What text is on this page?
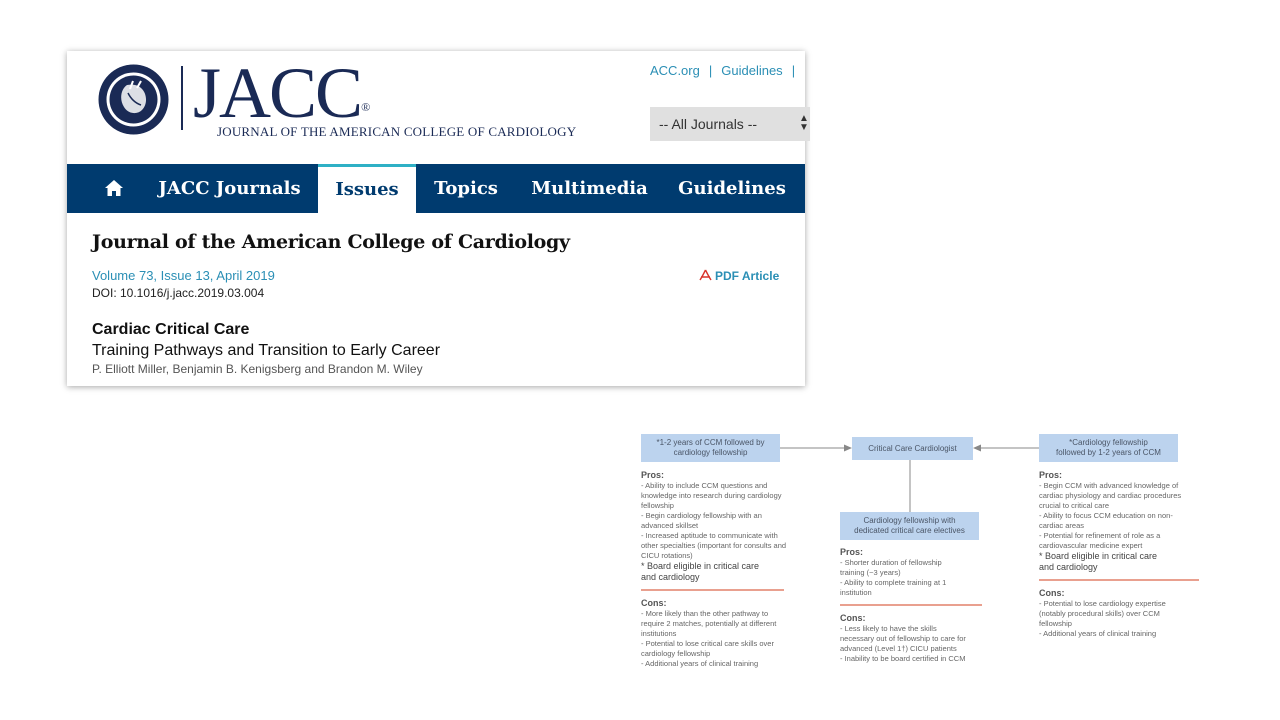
JACC®
JOURNAL OF THE AMERICAN COLLEGE OF CARDIOLOGY
ACC.org | Guidelines |
-- All Journals --	▲
▼
JACC Journals	Issues	Topics	Multimedia	Guidelines
Journal of the American College of Cardiology
Volume 73, Issue 13, April 2019
DOI: 10.1016/j.jacc.2019.03.004
PDF Article
Cardiac Critical Care
Training Pathways and Transition to Early Career
P. Elliott Miller, Benjamin B. Kenigsberg and Brandon M. Wiley
*1-2 years of CCM followed by
cardiology fellowship	Critical Care Cardiologist
*Cardiology fellowship
followed by 1-2 years of CCM
Cardiology fellowship with
dedicated critical care electives
Pros:
- Ability to include CCM questions and
knowledge into research during cardiology
fellowship
- Begin cardiology fellowship with an
advanced skillset
- Increased aptitude to communicate with
other specialties (important for consults and
CICU rotations)
* Board eligible in critical care
and cardiology
Cons:
- More likely than the other pathway to
require 2 matches, potentially at different
institutions
- Potential to lose critical care skills over
cardiology fellowship
- Additional years of clinical training
Pros:
- Shorter duration of fellowship
training (~3 years)
- Ability to complete training at 1
institution
Cons:
- Less likely to have the skills
necessary out of fellowship to care for
advanced (Level 1†) CICU patients
- Inability to be board certified in CCM
Pros:
- Begin CCM with advanced knowledge of
cardiac physiology and cardiac procedures
crucial to critical care
- Ability to focus CCM education on non-
cardiac areas
- Potential for refinement of role as a
cardiovascular medicine expert
* Board eligible in critical care
and cardiology
Cons:
- Potential to lose cardiology expertise
(notably procedural skills) over CCM
fellowship
- Additional years of clinical training
